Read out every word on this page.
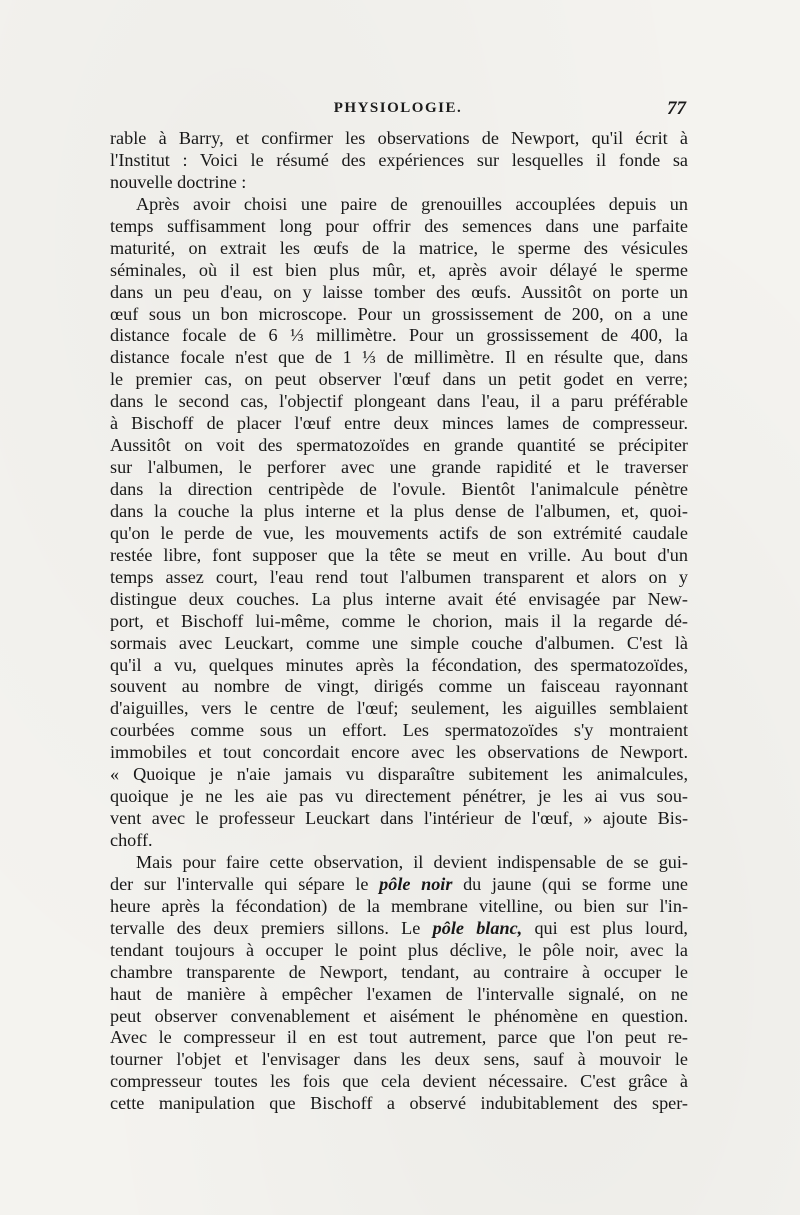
PHYSIOLOGIE.	77
rable à Barry, et confirmer les observations de Newport, qu'il écrit à
l'Institut : Voici le résumé des expériences sur lesquelles il fonde sa
nouvelle doctrine :
Après avoir choisi une paire de grenouilles accouplées depuis un
temps suffisamment long pour offrir des semences dans une parfaite
maturité, on extrait les œufs de la matrice, le sperme des vésicules
séminales, où il est bien plus mûr, et, après avoir délayé le sperme
dans un peu d'eau, on y laisse tomber des œufs. Aussitôt on porte un
œuf sous un bon microscope. Pour un grossissement de 200, on a une
distance focale de 6 ⅓ millimètre. Pour un grossissement de 400, la
distance focale n'est que de 1 ⅓ de millimètre. Il en résulte que, dans
le premier cas, on peut observer l'œuf dans un petit godet en verre;
dans le second cas, l'objectif plongeant dans l'eau, il a paru préférable
à Bischoff de placer l'œuf entre deux minces lames de compresseur.
Aussitôt on voit des spermatozoïdes en grande quantité se précipiter
sur l'albumen, le perforer avec une grande rapidité et le traverser
dans la direction centripède de l'ovule. Bientôt l'animalcule pénètre
dans la couche la plus interne et la plus dense de l'albumen, et, quoi-
qu'on le perde de vue, les mouvements actifs de son extrémité caudale
restée libre, font supposer que la tête se meut en vrille. Au bout d'un
temps assez court, l'eau rend tout l'albumen transparent et alors on y
distingue deux couches. La plus interne avait été envisagée par New-
port, et Bischoff lui-même, comme le chorion, mais il la regarde dé-
sormais avec Leuckart, comme une simple couche d'albumen. C'est là
qu'il a vu, quelques minutes après la fécondation, des spermatozoïdes,
souvent au nombre de vingt, dirigés comme un faisceau rayonnant
d'aiguilles, vers le centre de l'œuf; seulement, les aiguilles semblaient
courbées comme sous un effort. Les spermatozoïdes s'y montraient
immobiles et tout concordait encore avec les observations de Newport.
« Quoique je n'aie jamais vu disparaître subitement les animalcules,
quoique je ne les aie pas vu directement pénétrer, je les ai vus sou-
vent avec le professeur Leuckart dans l'intérieur de l'œuf, » ajoute Bis-
choff.
Mais pour faire cette observation, il devient indispensable de se gui-
der sur l'intervalle qui sépare le pôle noir du jaune (qui se forme une
heure après la fécondation) de la membrane vitelline, ou bien sur l'in-
tervalle des deux premiers sillons. Le pôle blanc, qui est plus lourd,
tendant toujours à occuper le point plus déclive, le pôle noir, avec la
chambre transparente de Newport, tendant, au contraire à occuper le
haut de manière à empêcher l'examen de l'intervalle signalé, on ne
peut observer convenablement et aisément le phénomène en question.
Avec le compresseur il en est tout autrement, parce que l'on peut re-
tourner l'objet et l'envisager dans les deux sens, sauf à mouvoir le
compresseur toutes les fois que cela devient nécessaire. C'est grâce à
cette manipulation que Bischoff a observé indubitablement des sper-
